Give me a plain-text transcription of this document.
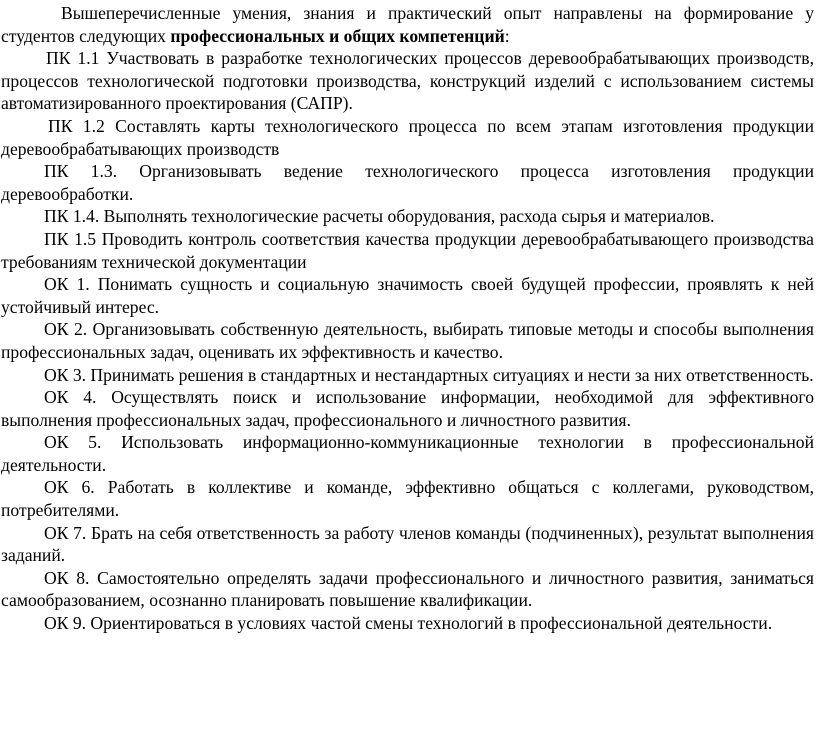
Вышеперечисленные умения, знания и практический опыт направлены на формирование у студентов следующих профессиональных и общих компетенций:

ПК 1.1 Участвовать в разработке технологических процессов деревообрабатывающих производств, процессов технологической подготовки производства, конструкций изделий с использованием системы автоматизированного проектирования (САПР).

ПК 1.2 Составлять карты технологического процесса по всем этапам изготовления продукции деревообрабатывающих производств

ПК 1.3. Организовывать ведение технологического процесса изготовления продукции деревообработки.

ПК 1.4. Выполнять технологические расчеты оборудования, расхода сырья и материалов.

ПК 1.5 Проводить контроль соответствия качества продукции деревообрабатывающего производства требованиям технической документации

ОК 1. Понимать сущность и социальную значимость своей будущей профессии, проявлять к ней устойчивый интерес.

ОК 2. Организовывать собственную деятельность, выбирать типовые методы и способы выполнения профессиональных задач, оценивать их эффективность и качество.

ОК 3. Принимать решения в стандартных и нестандартных ситуациях и нести за них ответственность.

ОК 4. Осуществлять поиск и использование информации, необходимой для эффективного выполнения профессиональных задач, профессионального и личностного развития.

ОК 5. Использовать информационно-коммуникационные технологии в профессиональной деятельности.

ОК 6. Работать в коллективе и команде, эффективно общаться с коллегами, руководством, потребителями.

ОК 7. Брать на себя ответственность за работу членов команды (подчиненных), результат выполнения заданий.

ОК 8. Самостоятельно определять задачи профессионального и личностного развития, заниматься самообразованием, осознанно планировать повышение квалификации.

ОК 9. Ориентироваться в условиях частой смены технологий в профессиональной деятельности.
